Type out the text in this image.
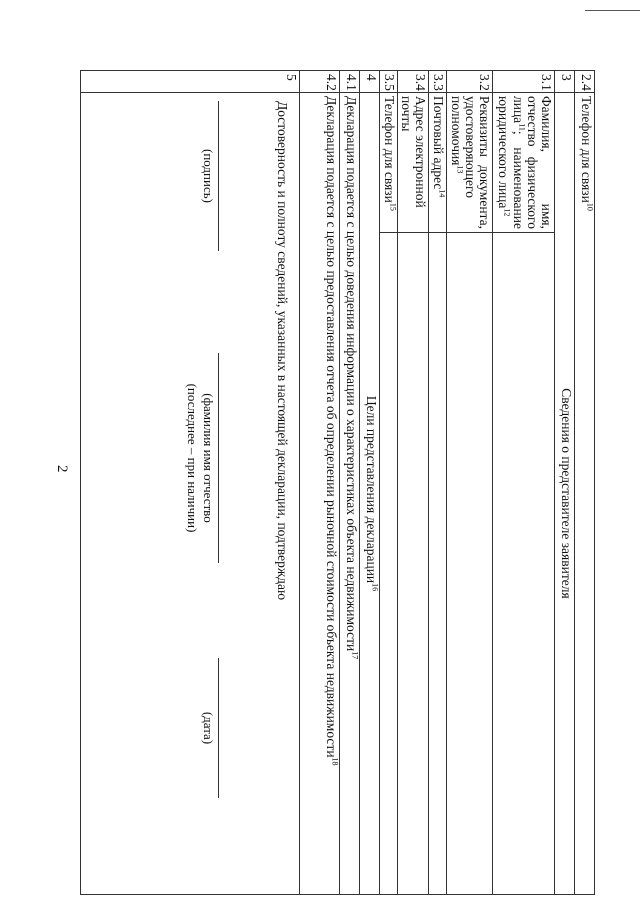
2
2.4	Телефон для связи$^{10}$
3	Сведения о представителе заявителя	
3.1	Фамилия, имя, отчество физического лица$^{11}$; наименование юридического лица$^{12}$	
3.2	Реквизиты документа, удостоверяющего полномочия$^{13}$	
3.3	Почтовый адрес$^{14}$	
3.4	Адрес электронной почты	
3.5	Телефон для связи$^{15}$	
4	Цели представления декларации$^{16}$
4.1	Декларация подается с целью доведения информации о характеристиках объекта недвижимости$^{17}$
4.2	Декларация подается с целью предоставления отчета об определении рыночной стоимости объекта недвижимости$^{18}$
5	Достоверность и полноту сведений, указанных в настоящей декларации, подтверждаю
(подпись)
(фамилия имя отчество
(последнее – при наличии)
(дата)	
